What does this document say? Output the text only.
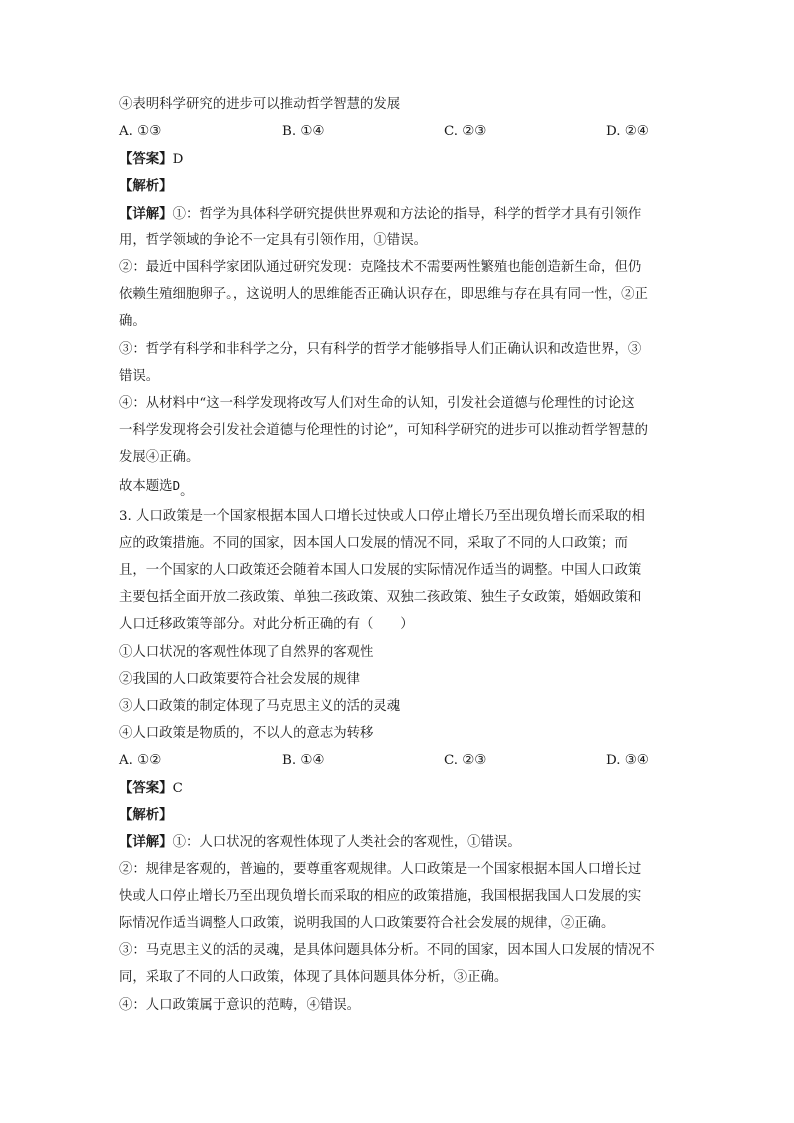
④表明科学研究的进步可以推动哲学智慧的发展
A. ①③	B. ①④	C. ②③	D. ②④
【答案】D
【解析】
【详解】①：哲学为具体科学研究提供世界观和方法论的指导，科学的哲学才具有引领作
用，哲学领域的争论不一定具有引领作用，①错误。
②：最近中国科学家团队通过研究发现：克隆技术不需要两性繁殖也能创造新生命，但仍
依赖生殖细胞卵子。，这说明人的思维能否正确认识存在，即思维与存在具有同一性，②正
确。
③：哲学有科学和非科学之分，只有科学的哲学才能够指导人们正确认识和改造世界，③
错误。
④：从材料中“这一科学发现将改写人们对生命的认知，引发社会道德与伦理性的讨论这
一科学发现将会引发社会道德与伦理性的讨论”，可知科学研究的进步可以推动哲学智慧的
发展④正确。
故本题选D。
3. 人口政策是一个国家根据本国人口增长过快或人口停止增长乃至出现负增长而采取的相
应的政策措施。不同的国家，因本国人口发展的情况不同，采取了不同的人口政策；而
且，一个国家的人口政策还会随着本国人口发展的实际情况作适当的调整。中国人口政策
主要包括全面开放二孩政策、单独二孩政策、双独二孩政策、独生子女政策，婚姻政策和
人口迁移政策等部分。对此分析正确的有（　　）
①人口状况的客观性体现了自然界的客观性
②我国的人口政策要符合社会发展的规律
③人口政策的制定体现了马克思主义的活的灵魂
④人口政策是物质的，不以人的意志为转移
A. ①②	B. ①④	C. ②③	D. ③④
【答案】C
【解析】
【详解】①：人口状况的客观性体现了人类社会的客观性，①错误。
②：规律是客观的，普遍的，要尊重客观规律。人口政策是一个国家根据本国人口增长过
快或人口停止增长乃至出现负增长而采取的相应的政策措施，我国根据我国人口发展的实
际情况作适当调整人口政策，说明我国的人口政策要符合社会发展的规律，②正确。
③：马克思主义的活的灵魂，是具体问题具体分析。不同的国家，因本国人口发展的情况不
同，采取了不同的人口政策，体现了具体问题具体分析，③正确。
④：人口政策属于意识的范畴，④错误。
